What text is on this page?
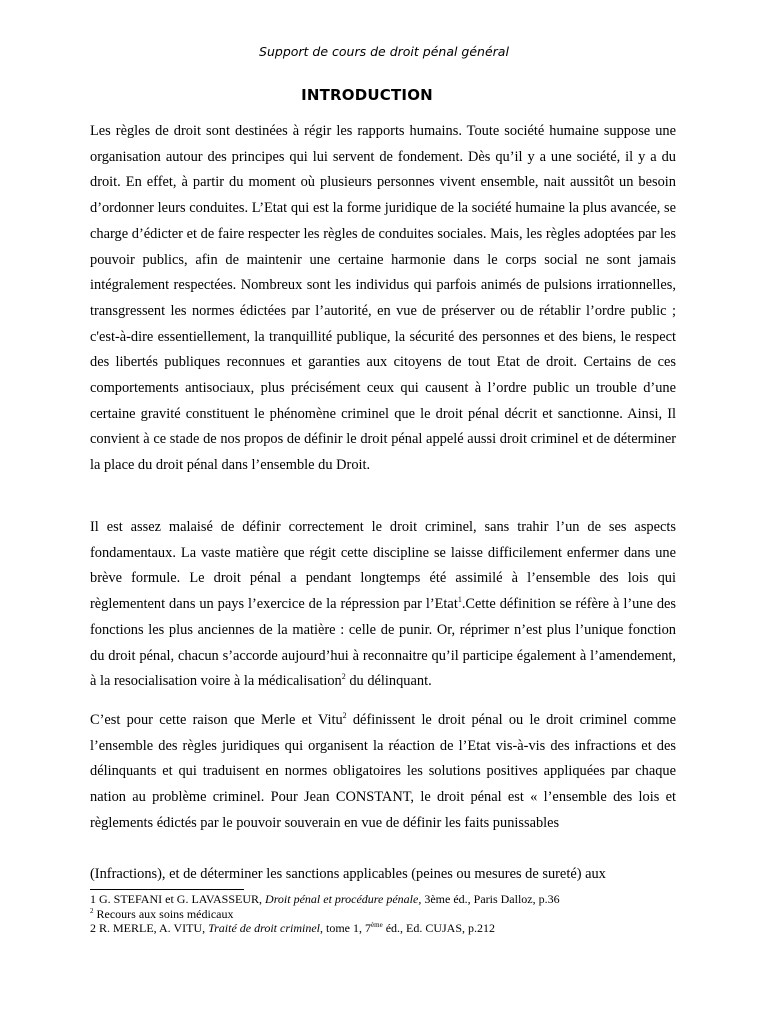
Support de cours de droit pénal général
INTRODUCTION

Les règles de droit sont destinées à régir les rapports humains. Toute société humaine suppose une organisation autour des principes qui lui servent de fondement. Dès qu’il y a une société, il y a du droit. En effet, à partir du moment où plusieurs personnes vivent ensemble, nait aussitôt un besoin d’ordonner leurs conduites. L’Etat qui est la forme juridique de la société humaine la plus avancée, se charge d’édicter et de faire respecter les règles de conduites sociales. Mais, les règles adoptées par les pouvoir publics, afin de maintenir une certaine harmonie dans le corps social ne sont jamais intégralement respectées. Nombreux sont les individus qui parfois animés de pulsions irrationnelles, transgressent les normes édictées par l’autorité, en vue de préserver ou de rétablir l’ordre public ; c'est-à-dire essentiellement, la tranquillité publique, la sécurité des personnes et des biens, le respect des libertés publiques reconnues et garanties aux citoyens de tout Etat de droit. Certains de ces comportements antisociaux, plus précisément ceux qui causent à l’ordre public un trouble d’une certaine gravité constituent le phénomène criminel que le droit pénal décrit et sanctionne. Ainsi, Il convient à ce stade de nos propos de définir le droit pénal appelé aussi droit criminel et de déterminer la place du droit pénal dans l’ensemble du Droit.

Il est assez malaisé de définir correctement le droit criminel, sans trahir l’un de ses aspects fondamentaux. La vaste matière que régit cette discipline se laisse difficilement enfermer dans une brève formule. Le droit pénal a pendant longtemps été assimilé à l’ensemble des lois qui règlementent dans un pays l’exercice de la répression par l’Etat$^1$.Cette définition se réfère à l’une des fonctions les plus anciennes de la matière : celle de punir. Or, réprimer n’est plus l’unique fonction du droit pénal, chacun s’accorde aujourd’hui à reconnaitre qu’il participe également à l’amendement, à la resocialisation voire à la médicalisation$^2$ du délinquant.

C’est pour cette raison que Merle et Vitu$^2$ définissent le droit pénal ou le droit criminel comme l’ensemble des règles juridiques qui organisent la réaction de l’Etat vis-à-vis des infractions et des délinquants et qui traduisent en normes obligatoires les solutions positives appliquées par chaque nation au problème criminel. Pour Jean CONSTANT, le droit pénal est « l’ensemble des lois et règlements édictés par le pouvoir souverain en vue de définir les faits punissables

(Infractions), et de déterminer les sanctions applicables (peines ou mesures de sureté) aux

1 G. STEFANI et G. LAVASSEUR, Droit pénal et procédure pénale, 3ème éd., Paris Dalloz, p.36
$^2$ Recours aux soins médicaux
2 R. MERLE, A. VITU, Traité de droit criminel, tome 1, 7ème éd., Ed. CUJAS, p.212
